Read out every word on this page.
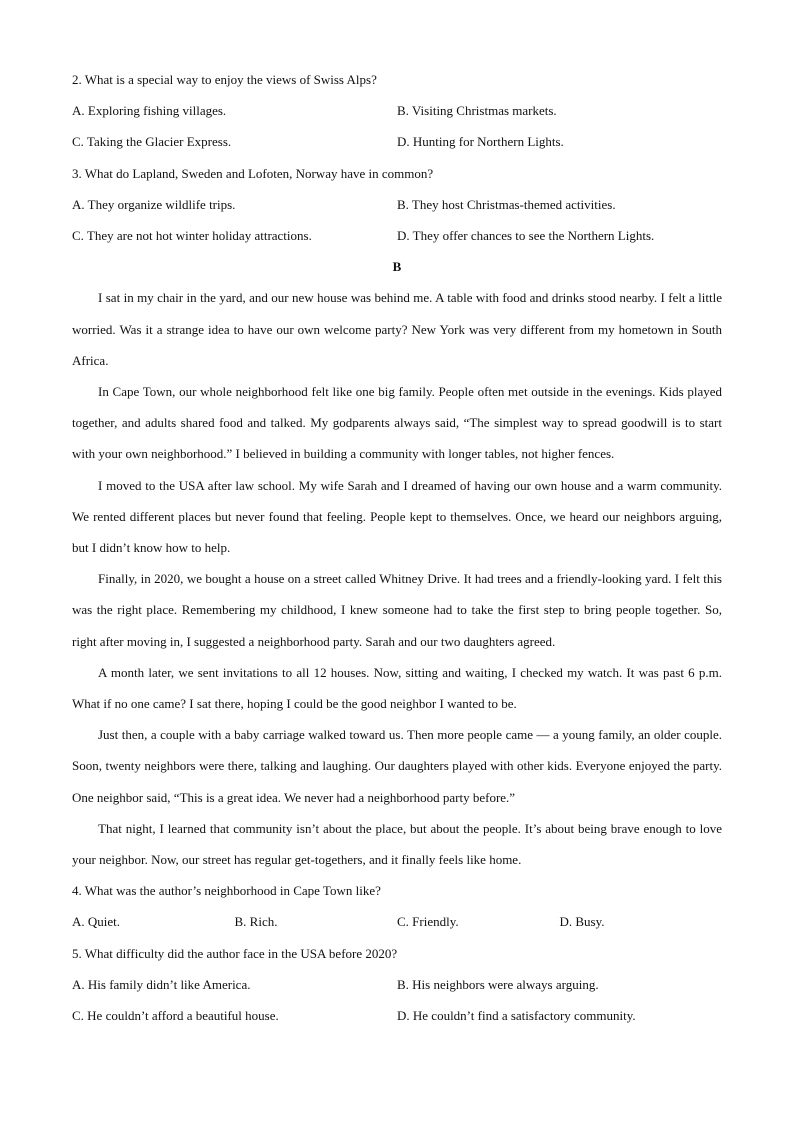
2. What is a special way to enjoy the views of Swiss Alps?
A. Exploring fishing villages.	B. Visiting Christmas markets.
C. Taking the Glacier Express.	D. Hunting for Northern Lights.
3. What do Lapland, Sweden and Lofoten, Norway have in common?
A. They organize wildlife trips.	B. They host Christmas-themed activities.
C. They are not hot winter holiday attractions.	D. They offer chances to see the Northern Lights.
B

I sat in my chair in the yard, and our new house was behind me. A table with food and drinks stood nearby. I felt a little worried. Was it a strange idea to have our own welcome party? New York was very different from my hometown in South Africa.

In Cape Town, our whole neighborhood felt like one big family. People often met outside in the evenings. Kids played together, and adults shared food and talked. My godparents always said, “The simplest way to spread goodwill is to start with your own neighborhood.” I believed in building a community with longer tables, not higher fences.

I moved to the USA after law school. My wife Sarah and I dreamed of having our own house and a warm community. We rented different places but never found that feeling. People kept to themselves. Once, we heard our neighbors arguing, but I didn’t know how to help.

Finally, in 2020, we bought a house on a street called Whitney Drive. It had trees and a friendly-looking yard. I felt this was the right place. Remembering my childhood, I knew someone had to take the first step to bring people together. So, right after moving in, I suggested a neighborhood party. Sarah and our two daughters agreed.

A month later, we sent invitations to all 12 houses. Now, sitting and waiting, I checked my watch. It was past 6 p.m. What if no one came? I sat there, hoping I could be the good neighbor I wanted to be.

Just then, a couple with a baby carriage walked toward us. Then more people came — a young family, an older couple. Soon, twenty neighbors were there, talking and laughing. Our daughters played with other kids. Everyone enjoyed the party. One neighbor said, “This is a great idea. We never had a neighborhood party before.”

That night, I learned that community isn’t about the place, but about the people. It’s about being brave enough to love your neighbor. Now, our street has regular get-togethers, and it finally feels like home.

4. What was the author’s neighborhood in Cape Town like?
A. Quiet.	B. Rich.	C. Friendly.	D. Busy.
5. What difficulty did the author face in the USA before 2020?
A. His family didn’t like America.	B. His neighbors were always arguing.
C. He couldn’t afford a beautiful house.	D. He couldn’t find a satisfactory community.
